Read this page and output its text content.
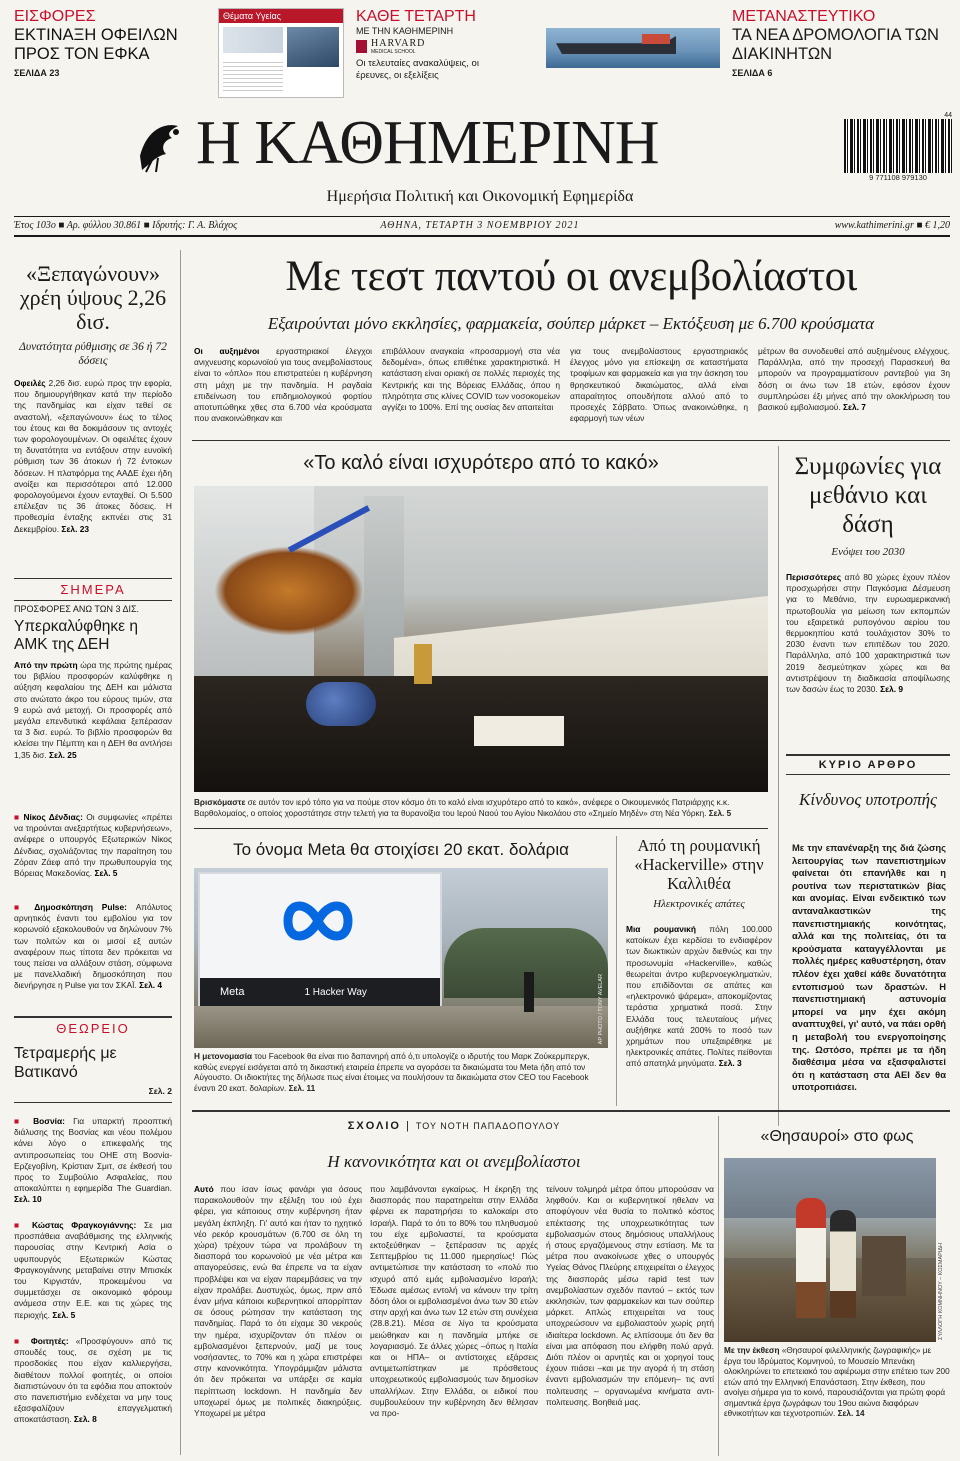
ΕΙΣΦΟΡΕΣ
ΕΚΤΙΝΑΞΗ ΟΦΕΙΛΩΝ ΠΡΟΣ ΤΟΝ ΕΦΚΑ
ΣΕΛΙΔΑ 23
Θέματα Υγείας	ΚΑΘΕ ΤΕΤΑΡΤΗ
ΜΕ ΤΗΝ ΚΑΘΗΜΕΡΙΝΗ
HARVARD
MEDICAL SCHOOL
Οι τελευταίες ανακαλύψεις, οι έρευνες, οι εξελίξεις
ΜΕΤΑΝΑΣΤΕΥΤΙΚΟ
ΤΑ ΝΕΑ ΔΡΟΜΟΛΟΓΙΑ ΤΩΝ ΔΙΑΚΙΝΗΤΩΝ
ΣΕΛΙΔΑ 6
Η ΚΑΘΗΜΕΡΙΝΗ
Ημερήσια Πολιτική και Οικονομική Εφημερίδα
44
9 771108 979130
Έτος 103ο ■ Αρ. φύλλου 30.861 ■ Ιδρυτής: Γ. Α. Βλάχος	ΑΘΗΝΑ, ΤΕΤΑΡΤΗ 3 ΝΟΕΜΒΡΙΟΥ 2021	www.kathimerini.gr ■ € 1,20
«Ξεπαγώνουν» χρέη ύψους 2,26 δισ.
Δυνατότητα ρύθμισης σε 36 ή 72 δόσεις
Οφειλές 2,26 δισ. ευρώ προς την εφορία, που δημιουργήθηκαν κατά την περίοδο της πανδημίας και είχαν τεθεί σε αναστολή, «ξεπαγώνουν» έως το τέλος του έτους και θα δοκιμάσουν τις αντοχές των φορολογουμένων. Οι οφειλέτες έχουν τη δυνατότητα να εντάξουν στην ευνοϊκή ρύθμιση των 36 άτοκων ή 72 έντοκων δόσεων. Η πλατφόρμα της ΑΑΔΕ έχει ήδη ανοίξει και περισσότεροι από 12.000 φορολογούμενοι έχουν ενταχθεί. Οι 5.500 επέλεξαν τις 36 άτοκες δόσεις. Η προθεσμία ένταξης εκπνέει στις 31 Δεκεμβρίου. Σελ. 23
ΣΗΜΕΡΑ
ΠΡΟΣΦΟΡΕΣ ΑΝΩ ΤΩΝ 3 ΔΙΣ.
Υπερκαλύφθηκε η ΑΜΚ της ΔΕΗ
Από την πρώτη ώρα της πρώτης ημέρας του βιβλίου προσφορών καλύφθηκε η αύξηση κεφαλαίου της ΔΕΗ και μάλιστα στο ανώτατο άκρο του εύρους τιμών, στα 9 ευρώ ανά μετοχή. Οι προσφορές από μεγάλα επενδυτικά κεφάλαια ξεπέρασαν τα 3 δισ. ευρώ. Το βιβλίο προσφορών θα κλείσει την Πέμπτη και η ΔΕΗ θα αντλήσει 1,35 δισ. Σελ. 25
■ Νίκος Δένδιας: Οι συμφωνίες «πρέπει να τηρούνται ανεξαρτήτως κυβερνήσεων», ανέφερε ο υπουργός Εξωτερικών Νίκος Δένδιας, σχολιάζοντας την παραίτηση του Ζόραν Ζάεφ από την πρωθυπουργία της Βόρειας Μακεδονίας. Σελ. 5
■ Δημοσκόπηση Pulse: Απόλυτος αρνητικός έναντι του εμβολίου για τον κορωνοϊό εξακολουθούν να δηλώνουν 7% των πολιτών και οι μισοί εξ αυτών αναφέρουν πως τίποτα δεν πρόκειται να τους πείσει να αλλάξουν στάση, σύμφωνα με πανελλαδική δημοσκόπηση που διενήργησε η Pulse για τον ΣΚΑΪ. Σελ. 4
ΘΕΩΡΕΙΟ
Τετραμερής με Βατικανό
Σελ. 2
■ Βοσνία: Για υπαρκτή προοπτική διάλυσης της Βοσνίας και νέου πολέμου κάνει λόγο ο επικεφαλής της αντιπροσωπείας του ΟΗΕ στη Βοσνία-Ερζεγοβίνη, Κρίστιαν Σμιτ, σε έκθεσή του προς το Συμβούλιο Ασφαλείας, που αποκαλύπτει η εφημερίδα The Guardian. Σελ. 10
■ Κώστας Φραγκογιάννης: Σε μια προσπάθεια αναβάθμισης της ελληνικής παρουσίας στην Κεντρική Ασία ο υφυπουργός Εξωτερικών Κώστας Φραγκογιάννης μεταβαίνει στην Μπισκέκ του Κιργιστάν, προκειμένου να συμμετάσχει σε οικονομικό φόρουμ ανάμεσα στην Ε.Ε. και τις χώρες της περιοχής. Σελ. 5
■ Φοιτητές: «Προσφύγουν» από τις σπουδές τους, σε σχέση με τις προσδοκίες που είχαν καλλιεργήσει, διαθέτουν πολλοί φοιτητές, οι οποίοι διαπιστώνουν ότι τα εφόδια που αποκτούν στο πανεπιστήμιο ενδέχεται να μην τους εξασφαλίζουν επαγγελματική αποκατάσταση. Σελ. 8
Με τεστ παντού οι ανεμβολίαστοι
Εξαιρούνται μόνο εκκλησίες, φαρμακεία, σούπερ μάρκετ – Εκτόξευση με 6.700 κρούσματα
Οι αυξημένοι εργαστηριακοί έλεγχοι ανιχνευσης κορωνοϊού για τους ανεμβολίαστους είναι το «όπλο» που επιστρατεύει η κυβέρνηση στη μάχη με την πανδημία. Η ραγδαία επιδείνωση του επιδημιολογικού φορτίου αποτυπώθηκε χθες στα 6.700 νέα κρούσματα που ανακοινώθηκαν και
επιβάλλουν αναγκαία «προσαρμογή στα νέα δεδομένα», όπως επιθέτικε χαρακτηριστικά. Η κατάσταση είναι οριακή σε πολλές περιοχές της Κεντρικής και της Βόρειας Ελλάδας, όπου η πληρότητα στις κλίνες COVID των νοσοκομείων αγγίζει το 100%. Επί της ουσίας δεν απαιτείται
για τους ανεμβολίαστους εργαστηριακός έλεγχος μόνο για επίσκεψη σε καταστήματα τροφίμων και φαρμακεία και για την άσκηση του θρησκευτικού δικαιώματος, αλλά είναι απαραίτητος οπουδήποτε αλλού από το προσεχές Σάββατο. Όπως ανακοινώθηκε, η εφαρμογή των νέων
μέτρων θα συνοδευθεί από αυξημένους ελέγχους. Παράλληλα, από την προσεχή Παρασκευή θα μπορούν να προγραμματίσουν ραντεβού για 3η δόση οι άνω των 18 ετών, εφόσον έχουν συμπληρώσει έξι μήνες από την ολοκλήρωση του βασικού εμβολιασμού. Σελ. 7
«Το καλό είναι ισχυρότερο από το κακό»
Βρισκόμαστε σε αυτόν τον ιερό τόπο για να πούμε στον κόσμο ότι το καλό είναι ισχυρότερο από το κακό», ανέφερε ο Οικουμενικός Πατριάρχης κ.κ. Βαρθολομαίος, ο οποίος χοροστάτησε στην τελετή για τα θυρανοίξια του Ιερού Ναού του Αγίου Νικολάου στο «Σημείο Μηδέν» στη Νέα Υόρκη. Σελ. 5
Συμφωνίες για μεθάνιο και δάση
Ενόψει του 2030
Περισσότερες από 80 χώρες έχουν πλέον προσχωρήσει στην Παγκόσμια Δέσμευση για το Μεθάνιο, την ευρωαμερικανική πρωτοβουλία για μείωση των εκπομπών του εξαιρετικά ρυπογόνου αερίου του θερμοκηπίου κατά τουλάχιστον 30% το 2030 έναντι των επιπέδων του 2020. Παράλληλα, από 100 χαρακτηριστικά των 2019 δεσμεύτηκαν χώρες και θα αντιστρέψουν τη διαδικασία αποψίλωσης των δασών έως το 2030. Σελ. 9
ΚΥΡΙΟ ΑΡΘΡΟ
Κίνδυνος υποτροπής
Με την επανέναρξη της διά ζώσης λειτουργίας των πανεπιστημίων φαίνεται ότι επανήλθε και η ρουτίνα των περιστατικών βίας και ανομίας. Είναι ενδεικτικό των ανταναλκαστικών της πανεπιστημιακής κοινότητας, αλλά και της πολιτείας, ότι τα κρούσματα καταγγέλλονται με πολλές ημέρες καθυστέρηση, όταν πλέον έχει χαθεί κάθε δυνατότητα εντοπισμού των δραστών. Η πανεπιστημιακή αστυνομία μπορεί να μην έχει ακόμη αναπτυχθεί, γι' αυτό, να πάει ορθή η μεταβολή του ενεργοποίησης της. Ωστόσο, πρέπει με τα ήδη διαθέσιμα μέσα να εξασφαλιστεί ότι η κατάσταση στα ΑΕΙ δεν θα υποτροπιάσει.
Το όνομα Meta θα στοιχίσει 20 εκατ. δολάρια
Meta	1 Hacker Way	AP PHOTO / TONY AVELAR
Η μετονομασία του Facebook θα είναι πιο δαπανηρή από ό,τι υπολογίζε ο ιδρυτής του Μαρκ Ζούκερμπεργκ, καθώς ενεργεί εισάγεται από τη δικαστική εταιρεία έπρεπε να αγοράσει τα δικαιώματα του Meta ήδη από τον Αύγουστο. Οι ιδιοκτήτες της δήλωσε πως είναι έτοιμες να πουλήσουν τα δικαιώματα στον CEO του Facebook έναντι 20 εκατ. δολαρίων. Σελ. 11
Από τη ρουμανική «Hackerville» στην Καλλιθέα
Ηλεκτρονικές απάτες
Μια ρουμανική πόλη 100.000 κατοίκων έχει κερδίσει το ενδιαφέρον των διωκτικών αρχών διεθνώς και την προσωνυμία «Hackerville», καθώς θεωρείται άντρο κυβερνοεγκληματιών, που επιδίδονται σε απάτες και «ηλεκτρονικό ψάρεμα», αποκομίζοντας τεράστια χρηματικά ποσά. Στην Ελλάδα τους τελευταίους μήνες αυξήθηκε κατά 200% το ποσό των χρημάτων που υπεξαιρέθηκε με ηλεκτρονικές απάτες. Πολίτες πείθονται από απατηλά μηνύματα. Σελ. 3
ΣΧΟΛΙΟ | ΤΟΥ ΝΟΤΗ ΠΑΠΑΔΟΠΟΥΛΟΥ
Η κανονικότητα και οι ανεμβολίαστοι
Αυτό που ίσαν ίσως φανάρι για όσους παρακολουθούν την εξέλιξη του ιού έχει φέρει, για κάποιους στην κυβέρνηση ήταν μεγάλη έκπληξη. Γι' αυτό και ήταν το ηχητικό νέο ρεκόρ κρουσμάτων (6.700 σε όλη τη χώρα) τρέχουν τώρα να προλάβουν τη διασπορά του κορωνοϊού με νέα μέτρα και απαγορεύσεις, ενώ θα έπρεπε να τα είχαν προβλέψει και να είχαν παρεμβάσεις να την είχαν προλάβει. Δυστυχώς, όμως, πριν από έναν μήνα κάποιοι κυβερνητικοί απορρίπταν σε όσους ρώτησαν την κατάσταση της πανδημίας. Παρά το ότι είχαμε 30 νεκρούς την ημέρα, ισχυρίζονταν ότι πλέον οι εμβολιασμένοι ξεπερνούν, μαζί με τους νοσήσαντες, το 70% και η χώρα επιστρέφει στην κανονικότητα. Υπογράμμιζαν μάλιστα ότι δεν πρόκειται να υπάρξει σε καμία περίπτωση lockdown. Η πανδημία δεν υποχωρεί όμως με πολιτικές διακηρύξεις. Υποχωρεί με μέτρα
που λαμβάνονται εγκαίρως. Η έκρηξη της διασποράς που παρατηρείται στην Ελλάδα φέρνει εκ παρατηρήσει το καλοκαίρι στο Ισραήλ. Παρά το ότι το 80% του πληθυσμού του είχε εμβολιαστεί, τα κρούσματα εκτοξεύθηκαν – ξεπέρασαν τις αρχές Σεπτεμβρίου τις 11.000 ημερησίως! Πώς αντιμετώπισε την κατάσταση το «πολύ πιο ισχυρό από εμάς εμβολιασμένο Ισραήλ; Έδωσε αμέσως εντολή να κάνουν την τρίτη δόση όλοι οι εμβολιασμένοι άνω των 30 ετών στην αρχή και άνω των 12 ετών στη συνέχεια (28.8.21). Μέσα σε λίγο τα κρούσματα μειώθηκαν και η πανδημία μπήκε σε λογαριασμό. Σε άλλες χώρες –όπως η Ιταλία και οι ΗΠΑ– οι αντίστοιχες εξάρσεις αντιμετωπίστηκαν με πρόσθετους υποχρεωτικούς εμβολιασμούς των δημοσίων υπαλλήλων. Στην Ελλάδα, οι ειδικοί που συμβουλεύουν την κυβέρνηση δεν θέλησαν να προ-
τείνουν τολμηρά μέτρα όπου μπορούσαν να ληφθούν. Και οι κυβερνητικοί ηθελαν να αποφύγουν νέα θυσία το πολιτικό κόστος επέκτασης της υποχρεωτικότητας των εμβολιασμών στους δημόσιους υπαλλήλους ή στους εργαζόμενους στην εστίαση. Με τα μέτρα που ανακοίνωσε χθες ο υπουργός Υγείας Θάνος Πλεύρης επιχειρείται ο έλεγχος της διασποράς μέσω rapid test των ανεμβολίαστων σχεδόν παντού – εκτός των εκκλησιών, των φαρμακείων και των σούπερ μάρκετ. Απλώς επιχειρείται να τους υποχρεώσουν να εμβολιαστούν χωρίς ρητή ιδιαίτερα lockdown. Ας ελπίσουμε ότι δεν θα είναι μια απόφαση που ελήφθη πολύ αργά. Διότι πλέον οι αρνητές και οι χορηγοί τους έχουν πιάσει –και με την αγορά ή τη στάση έναντι εμβολιασμών την επόμενη– τις αντί πολιτευσης – οργανωμένα κινήματα αντι-πολιτευσης. Βοηθειά μας.
«Θησαυροί» στο φως
ΣΥΛΛΟΓΗ ΚΟΜΝΗΝΟΥ – ΚΟΣΜΑΡΙΔΗ
Με την έκθεση «Θησαυροί φιλελληνικής ζωγραφικής» με έργα του Ιδρύματος Κομνηνού, το Μουσείο Μπενάκη ολοκληρώνει το επετειακό του αφιέρωμα στην επέτειο των 200 ετών από την Ελληνική Επανάσταση. Στην έκθεση, που ανοίγει σήμερα για το κοινό, παρουσιάζονται για πρώτη φορά σημαντικά έργα ζωγράφων του 19ου αιώνα διαφόρων εθνικοτήτων και τεχνοτροπιών. Σελ. 14
